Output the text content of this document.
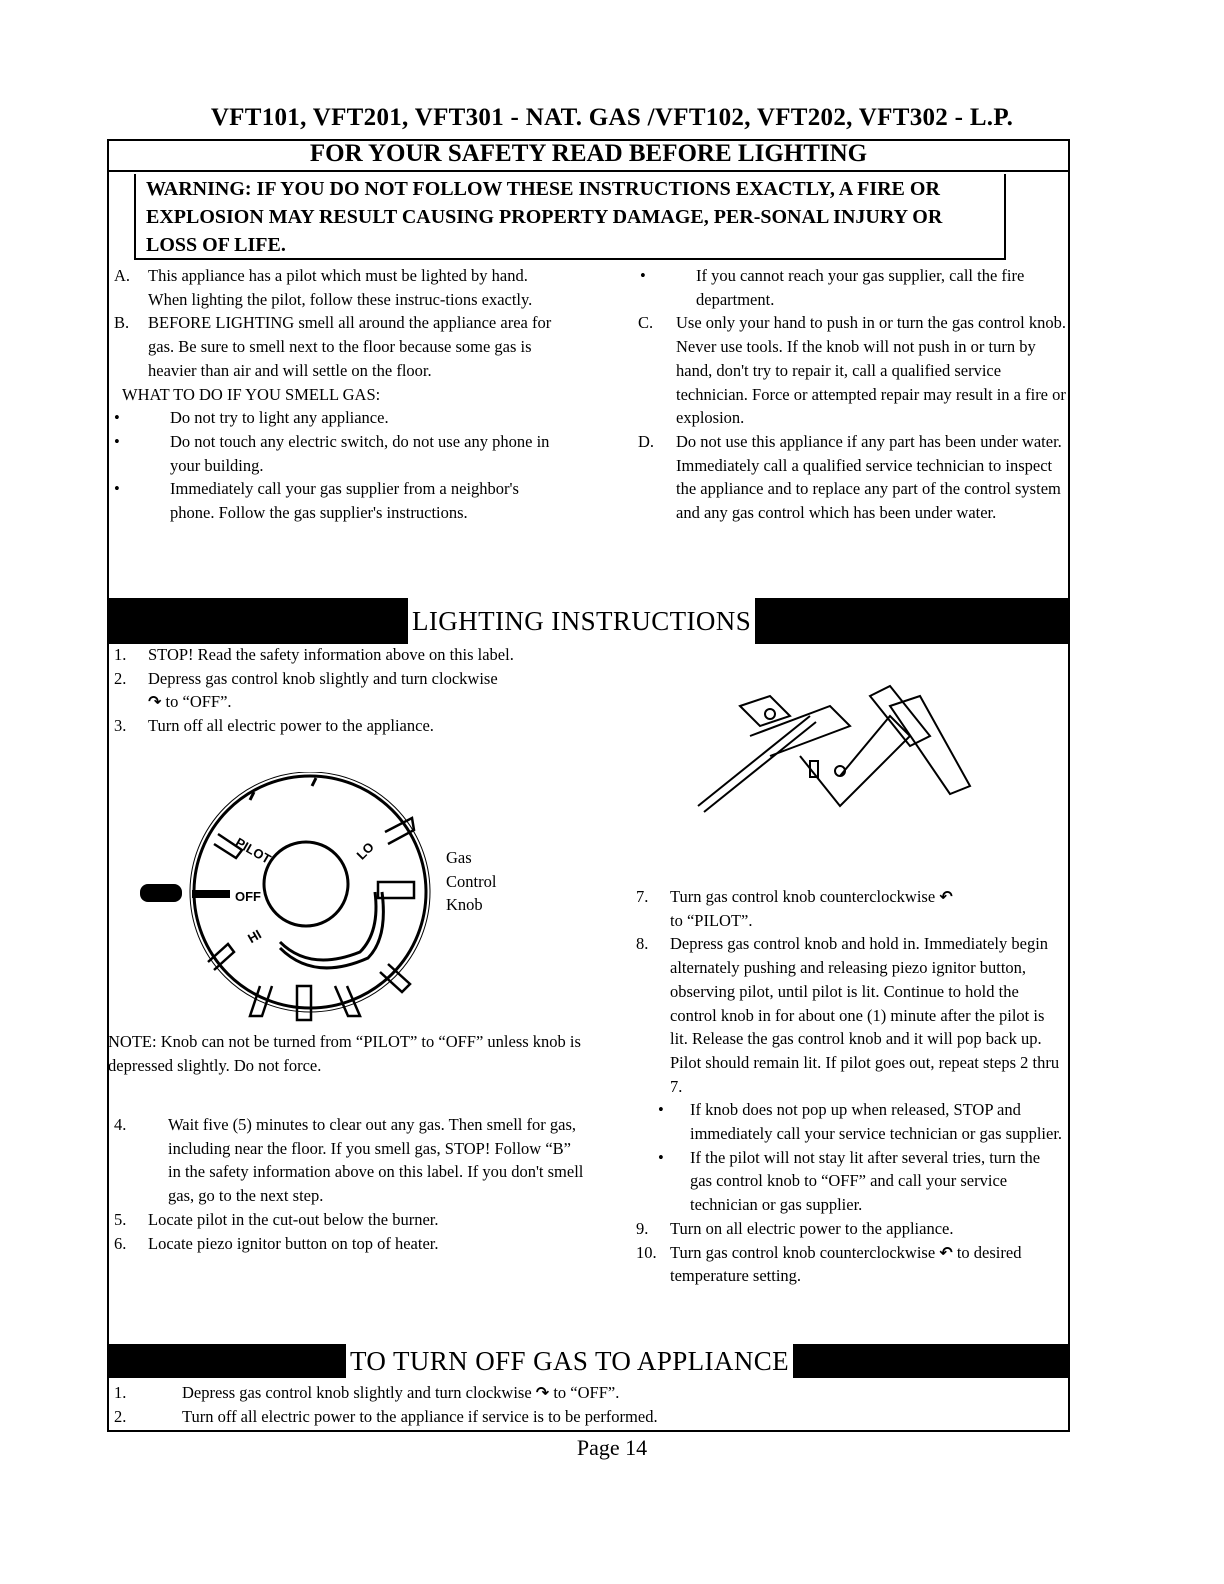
VFT101, VFT201, VFT301 - NAT. GAS /VFT102, VFT202, VFT302 - L.P.
FOR YOUR SAFETY READ BEFORE LIGHTING
WARNING: IF YOU DO NOT FOLLOW THESE INSTRUCTIONS EXACTLY, A FIRE OR EXPLOSION MAY RESULT CAUSING PROPERTY DAMAGE, PER-SONAL INJURY OR LOSS OF LIFE.
A. This appliance has a pilot which must be lighted by hand. When lighting the pilot, follow these instruc-tions exactly.
B. BEFORE LIGHTING smell all around the appliance area for gas. Be sure to smell next to the floor because some gas is heavier than air and will settle on the floor.
WHAT TO DO IF YOU SMELL GAS:
•	Do not try to light any appliance.
•	Do not touch any electric switch, do not use any phone in your building.
•	Immediately call your gas supplier from a neighbor's phone. Follow the gas supplier's instructions.
•	If you cannot reach your gas supplier, call the fire department.
C. Use only your hand to push in or turn the gas control knob. Never use tools. If the knob will not push in or turn by hand, don't try to repair it, call a qualified service technician. Force or attempted repair may result in a fire or explosion.
D. Do not use this appliance if any part has been under water. Immediately call a qualified service technician to inspect the appliance and to replace any part of the control system and any gas control which has been under water.
LIGHTING INSTRUCTIONS
1. STOP! Read the safety information above on this label.
2. Depress gas control knob slightly and turn clockwise
↷ to “OFF”.
3. Turn off all electric power to the appliance.
PILOT
OFF
HI
LO	Gas Control Knob
NOTE: Knob can not be turned from “PILOT” to “OFF” unless knob is depressed slightly. Do not force.
4.	Wait five (5) minutes to clear out any gas. Then smell for gas, including near the floor. If you smell gas, STOP! Follow “B” in the safety information above on this label. If you don't smell gas, go to the next step.
5. Locate pilot in the cut-out below the burner.
6. Locate piezo ignitor button on top of heater.
7. Turn gas control knob counterclockwise ↶
to “PILOT”.
8. Depress gas control knob and hold in. Immediately begin alternately pushing and releasing piezo ignitor button, observing pilot, until pilot is lit. Continue to hold the control knob in for about one (1) minute after the pilot is lit. Release the gas control knob and it will pop back up. Pilot should remain lit. If pilot goes out, repeat steps 2 thru 7.
• If knob does not pop up when released, STOP and immediately call your service technician or gas supplier.
• If the pilot will not stay lit after several tries, turn the gas control knob to “OFF” and call your service technician or gas supplier.
9. Turn on all electric power to the appliance.
10. Turn gas control knob counterclockwise ↶ to desired temperature setting.
TO TURN OFF GAS TO APPLIANCE
1.	Depress gas control knob slightly and turn clockwise ↷ to “OFF”.
2.	Turn off all electric power to the appliance if service is to be performed.
Page 14
